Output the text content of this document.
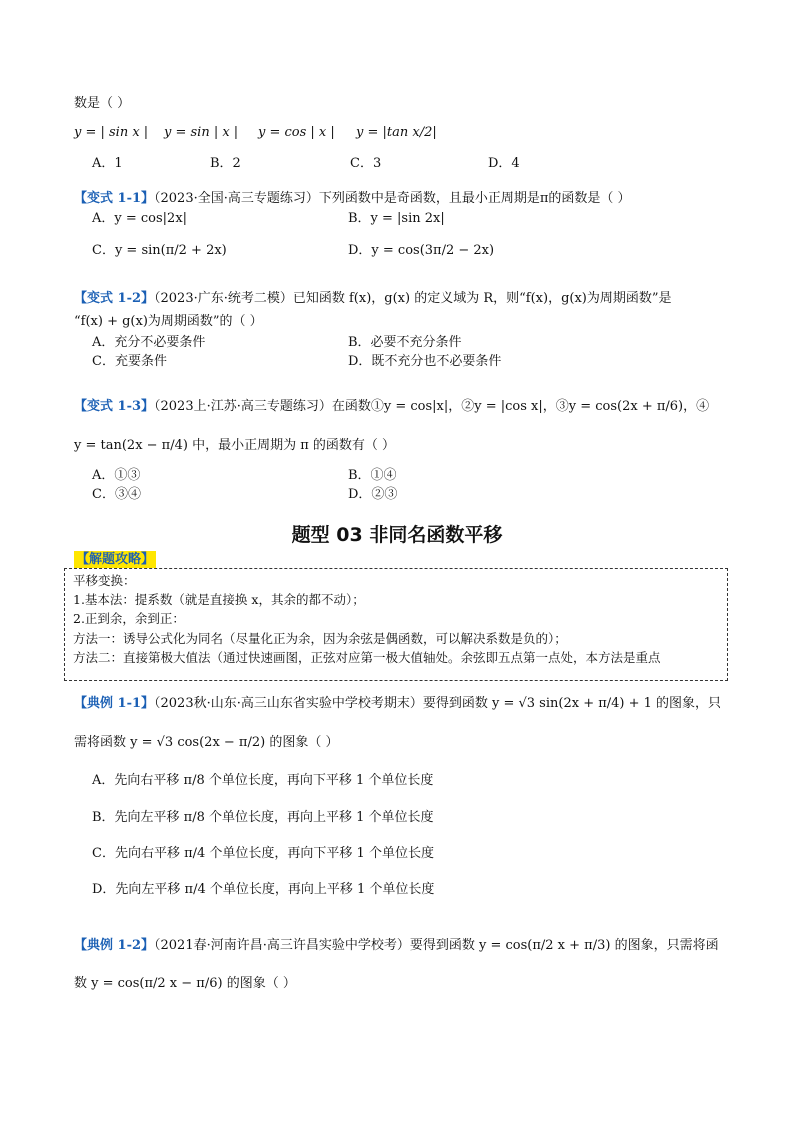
数是（ ）
y = | sin x | y = sin | x | y = cos | x | y = |tan x/2|
A．1	B．2	C．3	D．4
【变式 1-1】（2023·全国·高三专题练习）下列函数中是奇函数，且最小正周期是π的函数是（ ）
A．y = cos|2x|	B．y = |sin 2x|
C．y = sin(π/2 + 2x)	D．y = cos(3π/2 − 2x)
【变式 1-2】（2023·广东·统考二模）已知函数 f(x)，g(x) 的定义域为 R，则“f(x)，g(x)为周期函数”是
“f(x) + g(x)为周期函数”的（ ）
A．充分不必要条件	B．必要不充分条件
C．充要条件	D．既不充分也不必要条件
【变式 1-3】（2023上·江苏·高三专题练习）在函数①y = cos|x|，②y = |cos x|，③y = cos(2x + π/6)，④
y = tan(2x − π/4) 中，最小正周期为 π 的函数有（ ）
A．①③	B．①④
C．③④	D．②③
题型 03 非同名函数平移
【解题攻略】
平移变换：
1.基本法：提系数（就是直接换 x，其余的都不动）；
2.正到余，余到正：
方法一：诱导公式化为同名（尽量化正为余，因为余弦是偶函数，可以解决系数是负的）；
方法二：直接第极大值法（通过快速画图，正弦对应第一极大值轴处。余弦即五点第一点处，本方法是重点
【典例 1-1】（2023秋·山东·高三山东省实验中学校考期末）要得到函数 y = √3 sin(2x + π/4) + 1 的图象，只
需将函数 y = √3 cos(2x − π/2) 的图象（ ）
A．先向右平移 π/8 个单位长度，再向下平移 1 个单位长度
B．先向左平移 π/8 个单位长度，再向上平移 1 个单位长度
C．先向右平移 π/4 个单位长度，再向下平移 1 个单位长度
D．先向左平移 π/4 个单位长度，再向上平移 1 个单位长度
【典例 1-2】（2021春·河南许昌·高三许昌实验中学校考）要得到函数 y = cos(π/2 x + π/3) 的图象，只需将函
数 y = cos(π/2 x − π/6) 的图象（ ）
